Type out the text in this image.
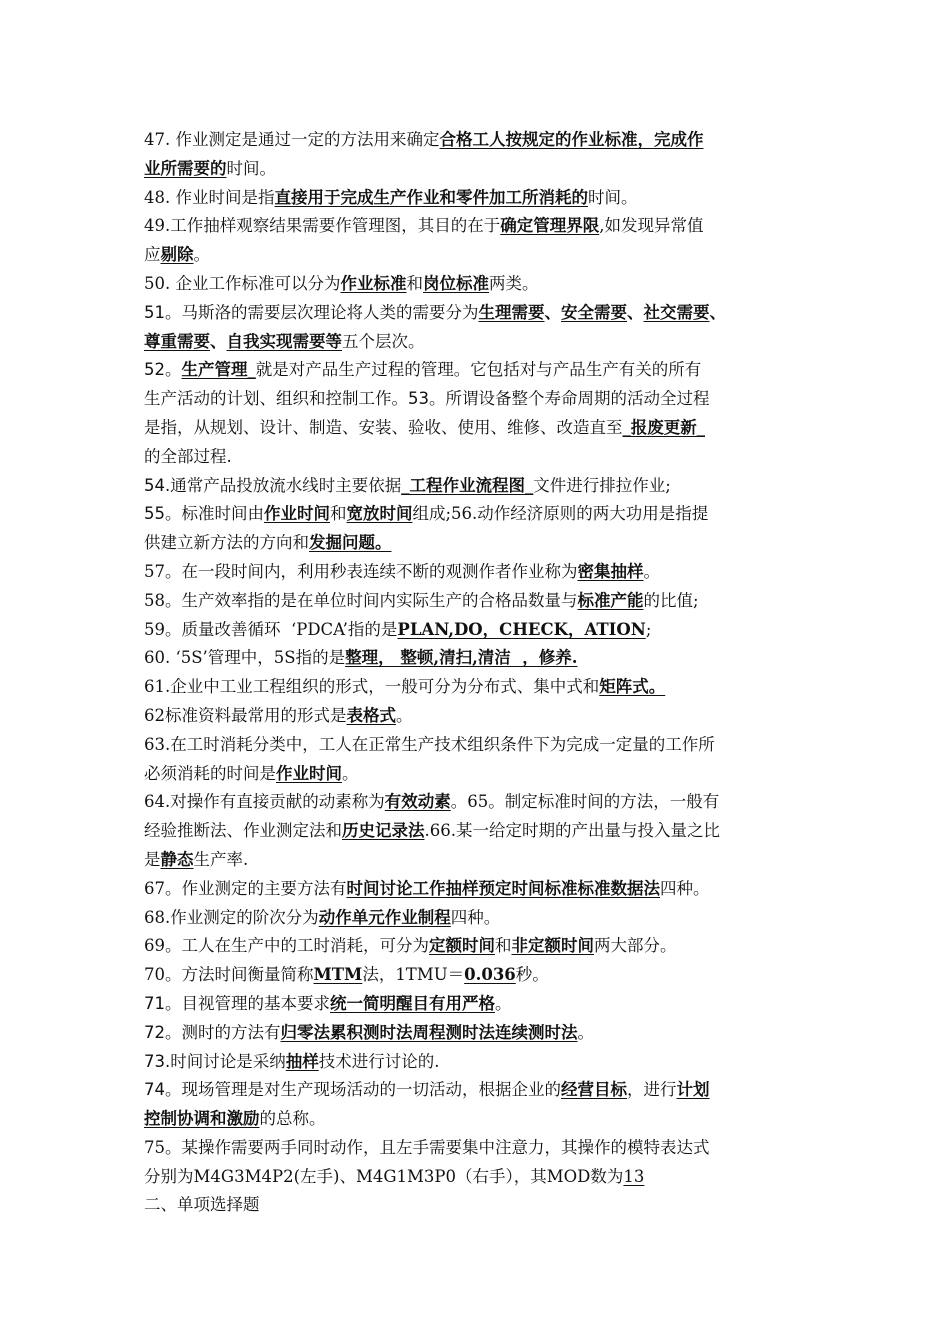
47. 作业测定是通过一定的方法用来确定合格工人按规定的作业标准，完成作
业所需要的时间。
48. 作业时间是指直接用于完成生产作业和零件加工所消耗的时间。
49.工作抽样观察结果需要作管理图，其目的在于确定管理界限,如发现异常值
应剔除。
50. 企业工作标准可以分为作业标准和岗位标准两类。
51。马斯洛的需要层次理论将人类的需要分为生理需要、安全需要、社交需要、
尊重需要、自我实现需要等五个层次。
52。生产管理_就是对产品生产过程的管理。它包括对与产品生产有关的所有
生产活动的计划、组织和控制工作。53。所谓设备整个寿命周期的活动全过程
是指，从规划、设计、制造、安装、验收、使用、维修、改造直至_报废更新_
的全部过程.
54.通常产品投放流水线时主要依据_工程作业流程图_文件进行排拉作业;
55。标准时间由作业时间和宽放时间组成;56.动作经济原则的两大功用是指提
供建立新方法的方向和发掘问题。
57。在一段时间内，利用秒表连续不断的观测作者作业称为密集抽样。
58。生产效率指的是在单位时间内实际生产的合格品数量与标准产能的比值;
59。质量改善循环  ‘PDCA’指的是PLAN,DO，CHECK，ATION;
60. ‘5S’管理中，5S指的是整理， 整顿,清扫,清洁  ，修养.
61.企业中工业工程组织的形式，一般可分为分布式、集中式和矩阵式。
62标准资料最常用的形式是表格式。
63.在工时消耗分类中，工人在正常生产技术组织条件下为完成一定量的工作所
必须消耗的时间是作业时间。
64.对操作有直接贡献的动素称为有效动素。65。制定标准时间的方法，一般有
经验推断法、作业测定法和历史记录法.66.某一给定时期的产出量与投入量之比
是静态生产率.
67。作业测定的主要方法有时间讨论工作抽样预定时间标准标准数据法四种。
68.作业测定的阶次分为动作单元作业制程四种。
69。工人在生产中的工时消耗，可分为定额时间和非定额时间两大部分。
70。方法时间衡量简称MTM法，1TMU＝0.036秒。
71。目视管理的基本要求统一简明醒目有用严格。
72。测时的方法有归零法累积测时法周程测时法连续测时法。
73.时间讨论是采纳抽样技术进行讨论的.
74。现场管理是对生产现场活动的一切活动，根据企业的经营目标，进行计划
控制协调和激励的总称。
75。某操作需要两手同时动作，且左手需要集中注意力，其操作的模特表达式
分别为M4G3M4P2(左手)、M4G1M3P0（右手），其MOD数为13
二、单项选择题
